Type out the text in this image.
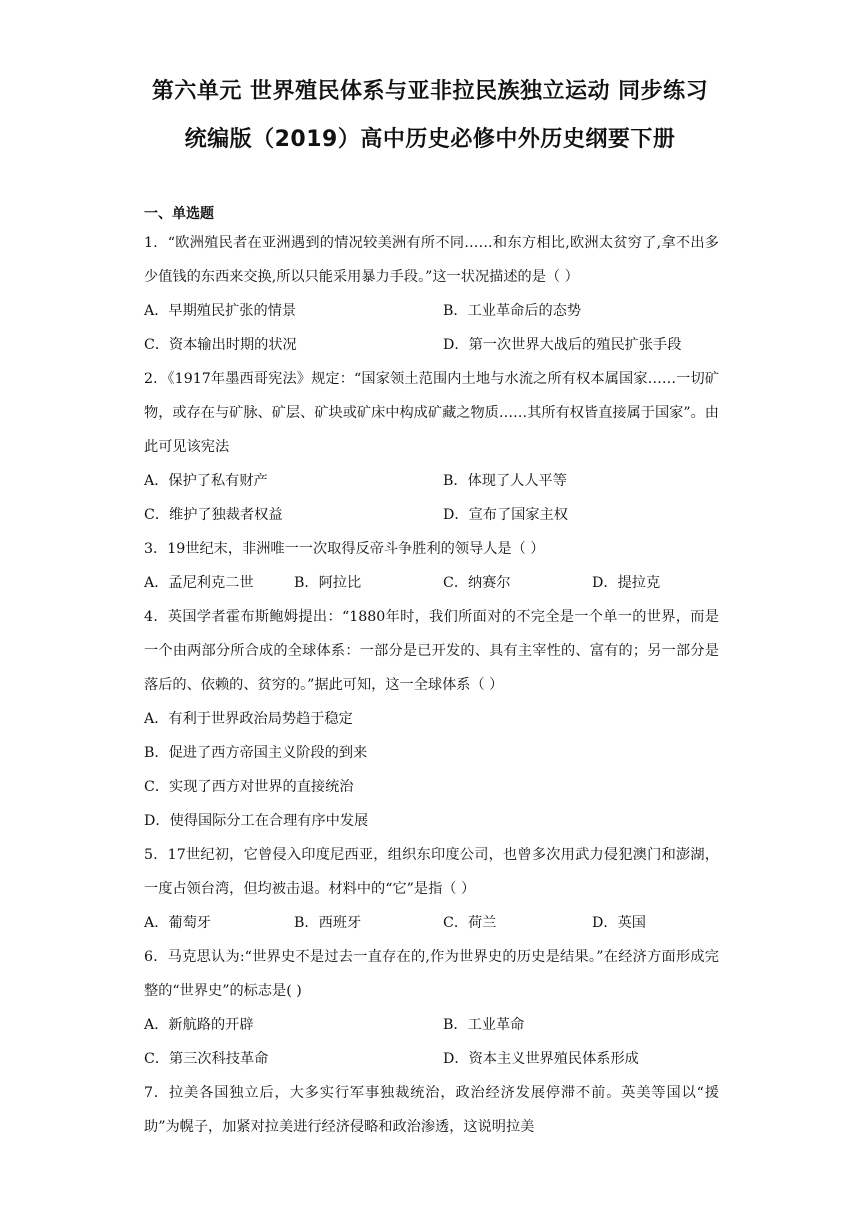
第六单元 世界殖民体系与亚非拉民族独立运动 同步练习
统编版（2019）高中历史必修中外历史纲要下册
一、单选题

1．“欧洲殖民者在亚洲遇到的情况较美洲有所不同……和东方相比,欧洲太贫穷了,拿不出多少值钱的东西来交换,所以只能采用暴力手段。”这一状况描述的是（ ）

A．早期殖民扩张的情景	B．工业革命后的态势
C．资本输出时期的状况	D．第一次世界大战后的殖民扩张手段

2．《1917年墨西哥宪法》规定：“国家领土范围内土地与水流之所有权本属国家……一切矿物，或存在与矿脉、矿层、矿块或矿床中构成矿藏之物质……其所有权皆直接属于国家”。由此可见该宪法

A．保护了私有财产	B．体现了人人平等
C．维护了独裁者权益	D．宣布了国家主权

3．19世纪末，非洲唯一一次取得反帝斗争胜利的领导人是（ ）

A．孟尼利克二世	B．阿拉比	C．纳赛尔	D．提拉克

4．英国学者霍布斯鲍姆提出：“1880年时，我们所面对的不完全是一个单一的世界，而是一个由两部分所合成的全球体系：一部分是已开发的、具有主宰性的、富有的；另一部分是落后的、依赖的、贫穷的。”据此可知，这一全球体系（ ）

A．有利于世界政治局势趋于稳定
B．促进了西方帝国主义阶段的到来
C．实现了西方对世界的直接统治
D．使得国际分工在合理有序中发展

5．17世纪初，它曾侵入印度尼西亚，组织东印度公司，也曾多次用武力侵犯澳门和澎湖，一度占领台湾，但均被击退。材料中的“它”是指（ ）

A．葡萄牙	B．西班牙	C．荷兰	D．英国

6．马克思认为:“世界史不是过去一直存在的,作为世界史的历史是结果。”在经济方面形成完整的“世界史”的标志是( )

A．新航路的开辟	B．工业革命
C．第三次科技革命	D．资本主义世界殖民体系形成

7．拉美各国独立后，大多实行军事独裁统治，政治经济发展停滞不前。英美等国以“援助”为幌子，加紧对拉美进行经济侵略和政治渗透，这说明拉美
